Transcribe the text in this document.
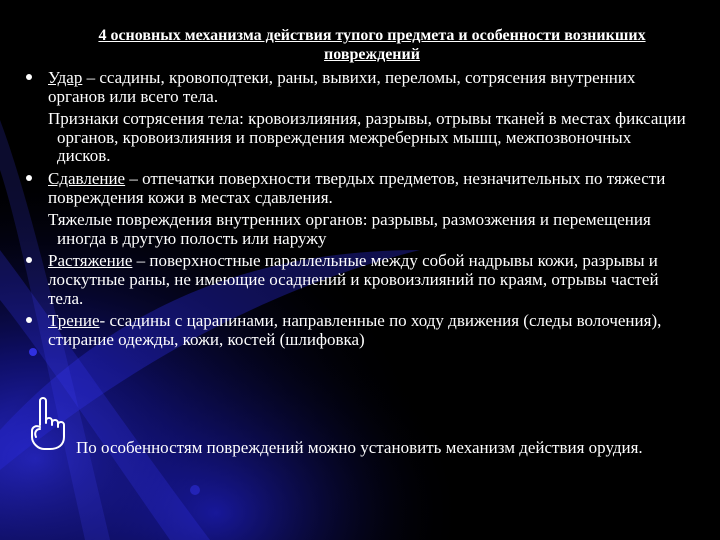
4 основных механизма действия тупого предмета и особенности возникших повреждений

Удар – ссадины, кровоподтеки, раны, вывихи, переломы, сотрясения внутренних органов или всего тела.

Признаки сотрясения тела: кровоизлияния, разрывы, отрывы тканей в местах фиксации органов, кровоизлияния и повреждения межреберных мышц, межпозвоночных дисков.

Сдавление – отпечатки поверхности твердых предметов, незначительных по тяжести повреждения кожи в местах сдавления.

Тяжелые повреждения внутренних органов: разрывы, размозжения и перемещения иногда в другую полость или наружу

Растяжение – поверхностные параллельные между собой надрывы кожи, разрывы и лоскутные раны, не имеющие осаднений и кровоизлияний по краям, отрывы частей тела.

Трение- ссадины с царапинами, направленные по ходу движения (следы волочения), стирание одежды, кожи, костей (шлифовка)

По особенностям повреждений можно установить механизм действия орудия.
